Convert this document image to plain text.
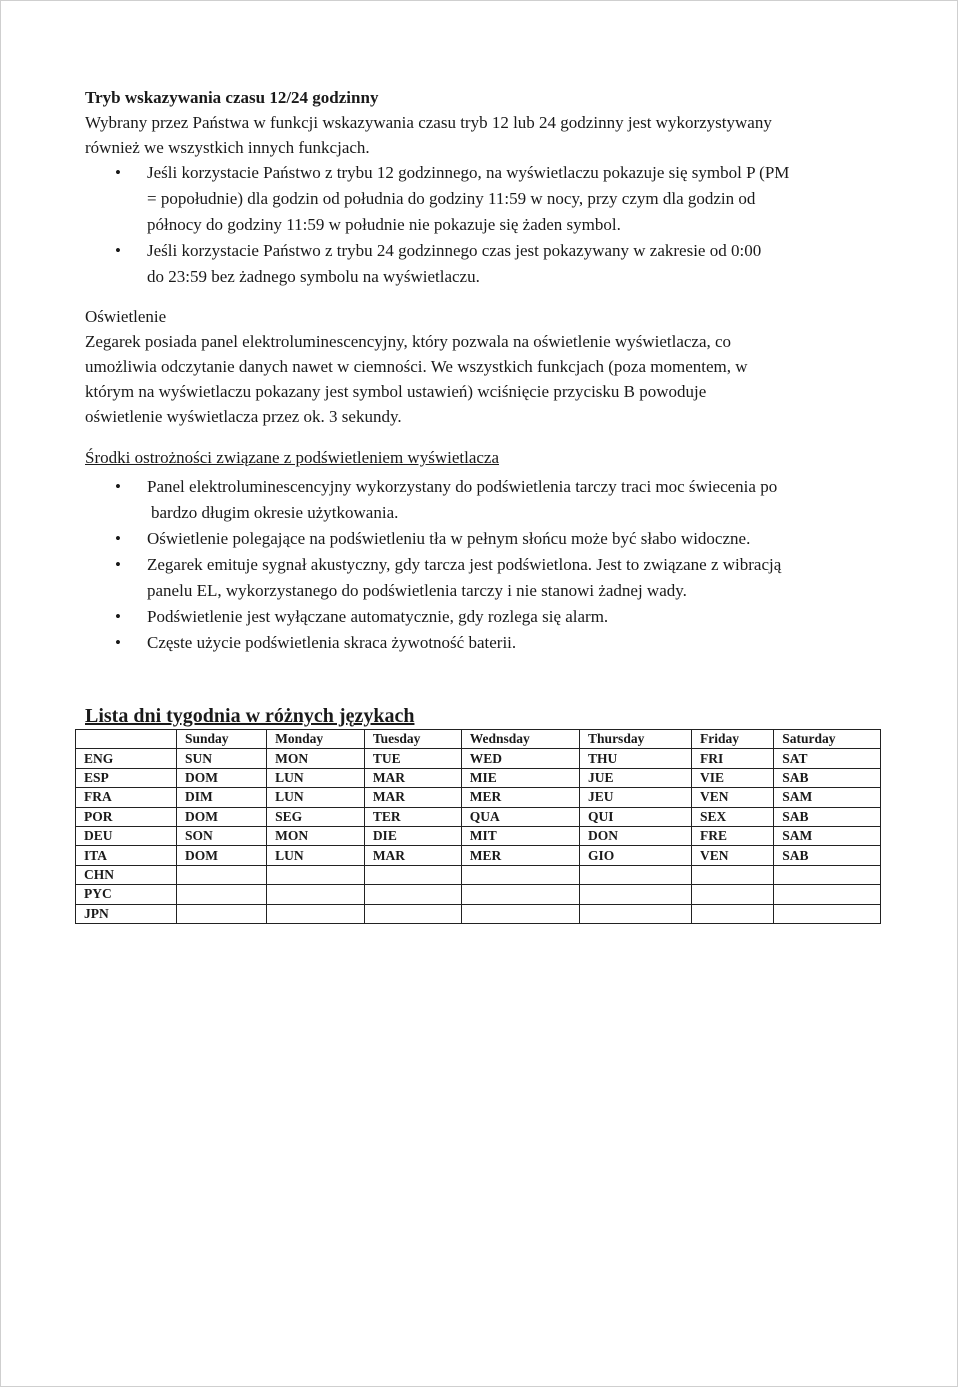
Tryb wskazywania czasu 12/24 godzinny

Wybrany przez Państwa w funkcji wskazywania czasu tryb 12 lub 24 godzinny jest wykorzystywany

również we wszystkich innych funkcjach.

• Jeśli korzystacie Państwo z trybu 12 godzinnego, na wyświetlaczu pokazuje się symbol P (PM
= popołudnie) dla godzin od południa do godziny 11:59 w nocy, przy czym dla godzin od
północy do godziny 11:59 w południe nie pokazuje się żaden symbol.
• Jeśli korzystacie Państwo z trybu 24 godzinnego czas jest pokazywany w zakresie od 0:00
do 23:59 bez żadnego symbolu na wyświetlaczu.

Oświetlenie

Zegarek posiada panel elektroluminescencyjny, który pozwala na oświetlenie wyświetlacza, co

umożliwia odczytanie danych nawet w ciemności. We wszystkich funkcjach (poza momentem, w

którym na wyświetlaczu pokazany jest symbol ustawień) wciśnięcie przycisku B powoduje

oświetlenie wyświetlacza przez ok. 3 sekundy.

Środki ostrożności związane z podświetleniem wyświetlacza

• Panel elektroluminescencyjny wykorzystany do podświetlenia tarczy traci moc świecenia po
bardzo długim okresie użytkowania.
• Oświetlenie polegające na podświetleniu tła w pełnym słońcu może być słabo widoczne.
• Zegarek emituje sygnał akustyczny, gdy tarcza jest podświetlona. Jest to związane z wibracją
panelu EL, wykorzystanego do podświetlenia tarczy i nie stanowi żadnej wady.
• Podświetlenie jest wyłączane automatycznie, gdy rozlega się alarm.
• Częste użycie podświetlenia skraca żywotność baterii.

Lista dni tygodnia w różnych językach

	Sunday	Monday	Tuesday	Wednsday	Thursday	Friday	Saturday
ENG	SUN	MON	TUE	WED	THU	FRI	SAT
ESP	DOM	LUN	MAR	MIE	JUE	VIE	SAB
FRA	DIM	LUN	MAR	MER	JEU	VEN	SAM
POR	DOM	SEG	TER	QUA	QUI	SEX	SAB
DEU	SON	MON	DIE	MIT	DON	FRE	SAM
ITA	DOM	LUN	MAR	MER	GIO	VEN	SAB
CHN							
PYC							
JPN							
